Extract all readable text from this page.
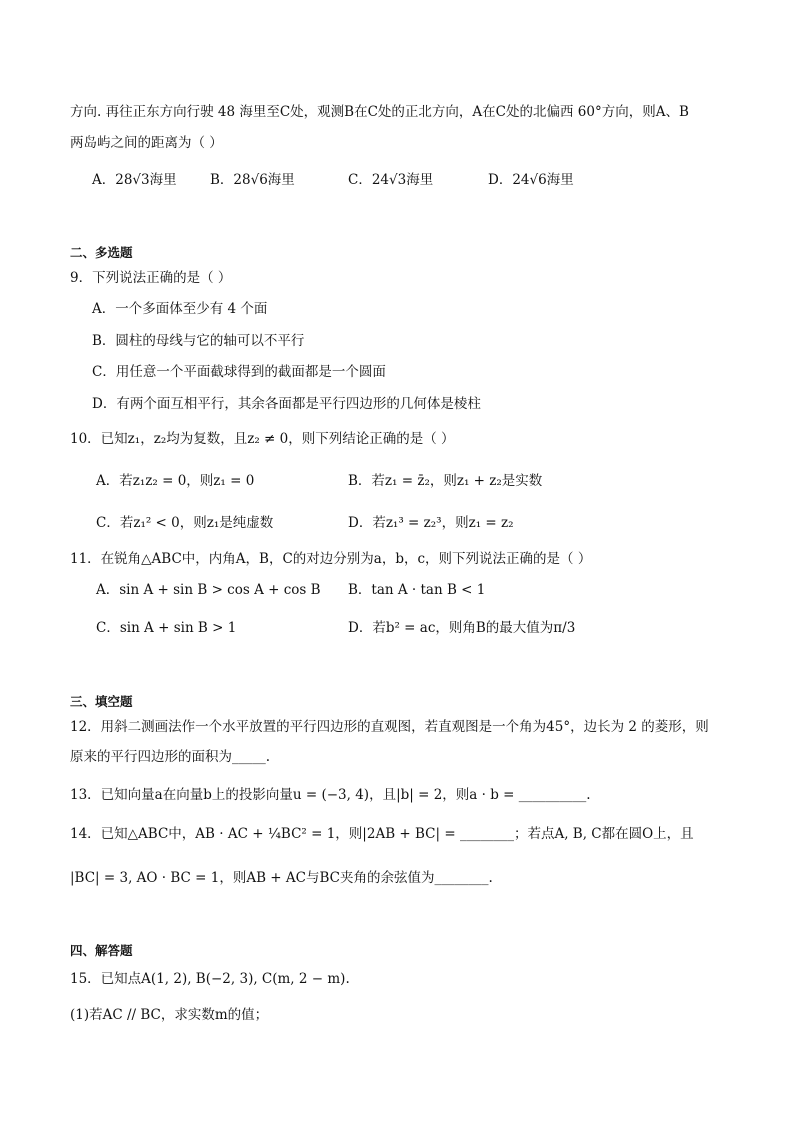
方向. 再往正东方向行驶 48 海里至C处，观测B在C处的正北方向，A在C处的北偏西 60°方向，则A、B
两岛屿之间的距离为（ ）
A．28√3海里 B．28√6海里	C．24√3海里	D．24√6海里
二、多选题
9．下列说法正确的是（ ）
A．一个多面体至少有 4 个面
B．圆柱的母线与它的轴可以不平行
C．用任意一个平面截球得到的截面都是一个圆面
D．有两个面互相平行，其余各面都是平行四边形的几何体是棱柱
10．已知z₁，z₂均为复数，且z₂ ≠ 0，则下列结论正确的是（ ）
A．若z₁z₂ = 0，则z₁ = 0	B．若z₁ = z̄₂，则z₁ + z₂是实数
C．若z₁² < 0，则z₁是纯虚数	D．若z₁³ = z₂³，则z₁ = z₂
11．在锐角△ABC中，内角A，B，C的对边分别为a，b，c，则下列说法正确的是（ ）
A．sin A + sin B > cos A + cos B B．tan A · tan B < 1
C．sin A + sin B > 1	D．若b² = ac，则角B的最大值为π/3
三、填空题
12．用斜二测画法作一个水平放置的平行四边形的直观图，若直观图是一个角为45°，边长为 2 的菱形，则
原来的平行四边形的面积为_____.
13．已知向量a在向量b上的投影向量u = (−3, 4)，且|b| = 2，则a · b = __________.
14．已知△ABC中，AB · AC + ¼BC² = 1，则|2AB + BC| = ________；若点A, B, C都在圆O上，且
|BC| = 3, AO · BC = 1，则AB + AC与BC夹角的余弦值为________.
四、解答题
15．已知点A(1, 2), B(−2, 3), C(m, 2 − m).
(1)若AC // BC，求实数m的值；
